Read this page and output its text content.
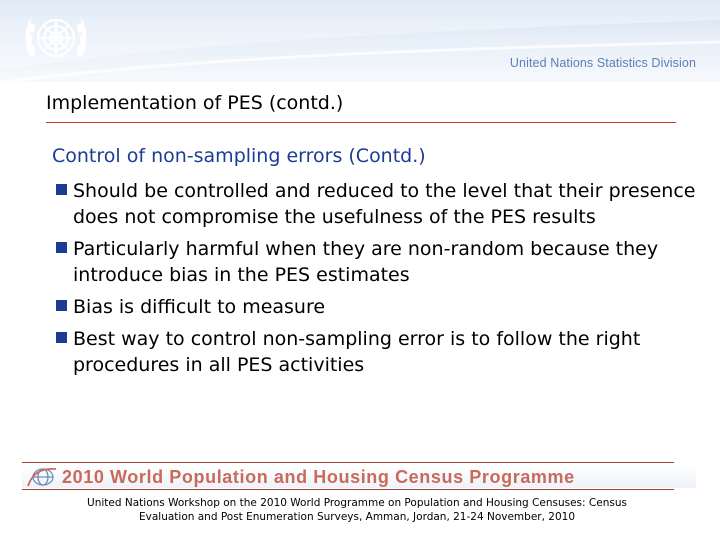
United Nations Statistics Division
Implementation of PES (contd.)
Control of non-sampling errors (Contd.)
Should be controlled and reduced to the level that their presence does not compromise the usefulness of the PES results
Particularly harmful when they are non-random because they introduce bias in the PES estimates
Bias is difficult to measure
Best way to control non-sampling error is to follow the right procedures in all PES activities
2010 World Population and Housing Census Programme
United Nations Workshop on the 2010 World Programme on Population and Housing Censuses: Census
Evaluation and Post Enumeration Surveys, Amman, Jordan, 21-24 November, 2010
